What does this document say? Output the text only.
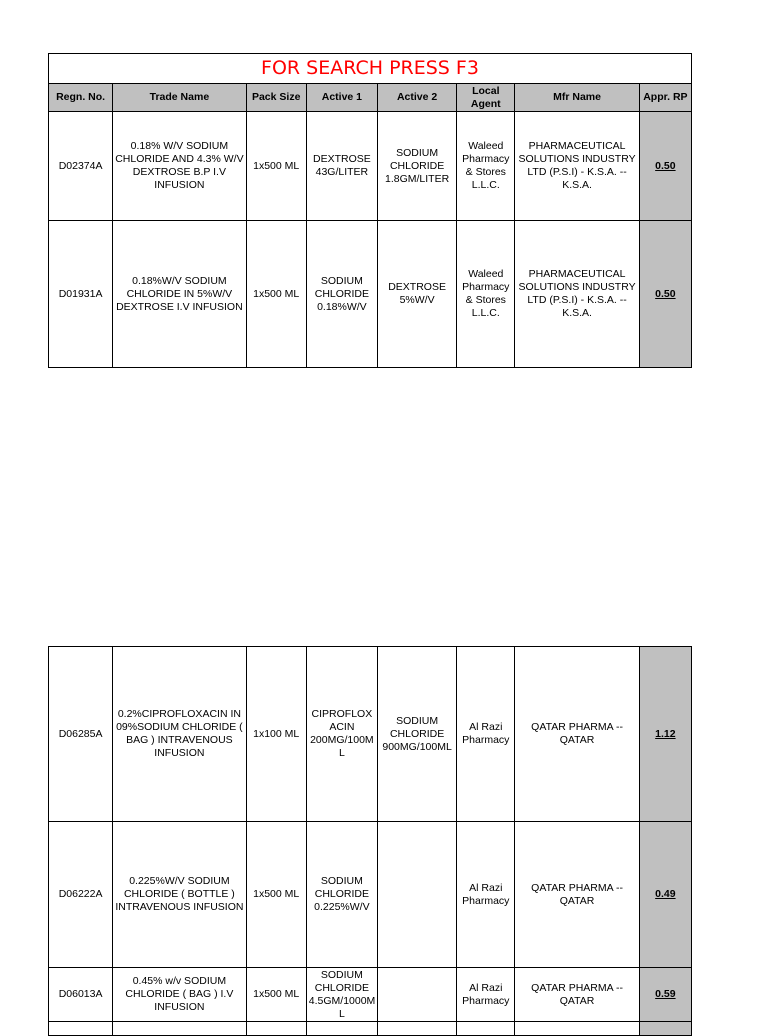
FOR SEARCH PRESS F3							
Regn. No.	Trade Name	Pack Size	Active 1	Active 2	Local Agent	Mfr Name	Appr. RP
D02374A	0.18% W/V SODIUM CHLORIDE AND 4.3% W/V DEXTROSE B.P I.V INFUSION	1x500 ML	DEXTROSE 43G/LITER	SODIUM CHLORIDE 1.8GM/LITER	Waleed Pharmacy & Stores L.L.C.	PHARMACEUTICAL SOLUTIONS INDUSTRY LTD (P.S.I) - K.S.A. -- K.S.A.	0.50
D01931A	0.18%W/V SODIUM CHLORIDE IN 5%W/V DEXTROSE I.V INFUSION	1x500 ML	SODIUM CHLORIDE 0.18%W/V	DEXTROSE 5%W/V	Waleed Pharmacy & Stores L.L.C.	PHARMACEUTICAL SOLUTIONS INDUSTRY LTD (P.S.I) - K.S.A. -- K.S.A.	0.50
D06285A	0.2%CIPROFLOXACIN IN 09%SODIUM CHLORIDE ( BAG ) INTRAVENOUS INFUSION	1x100 ML	CIPROFLOX ACIN 200MG/100M L	SODIUM CHLORIDE 900MG/100ML	Al Razi Pharmacy	QATAR PHARMA -- QATAR	1.12
D06222A	0.225%W/V SODIUM CHLORIDE ( BOTTLE ) INTRAVENOUS INFUSION	1x500 ML	SODIUM CHLORIDE 0.225%W/V		Al Razi Pharmacy	QATAR PHARMA -- QATAR	0.49
D06013A	0.45% w/v SODIUM CHLORIDE ( BAG ) I.V INFUSION	1x500 ML	SODIUM CHLORIDE 4.5GM/1000M L		Al Razi Pharmacy	QATAR PHARMA -- QATAR	0.59
